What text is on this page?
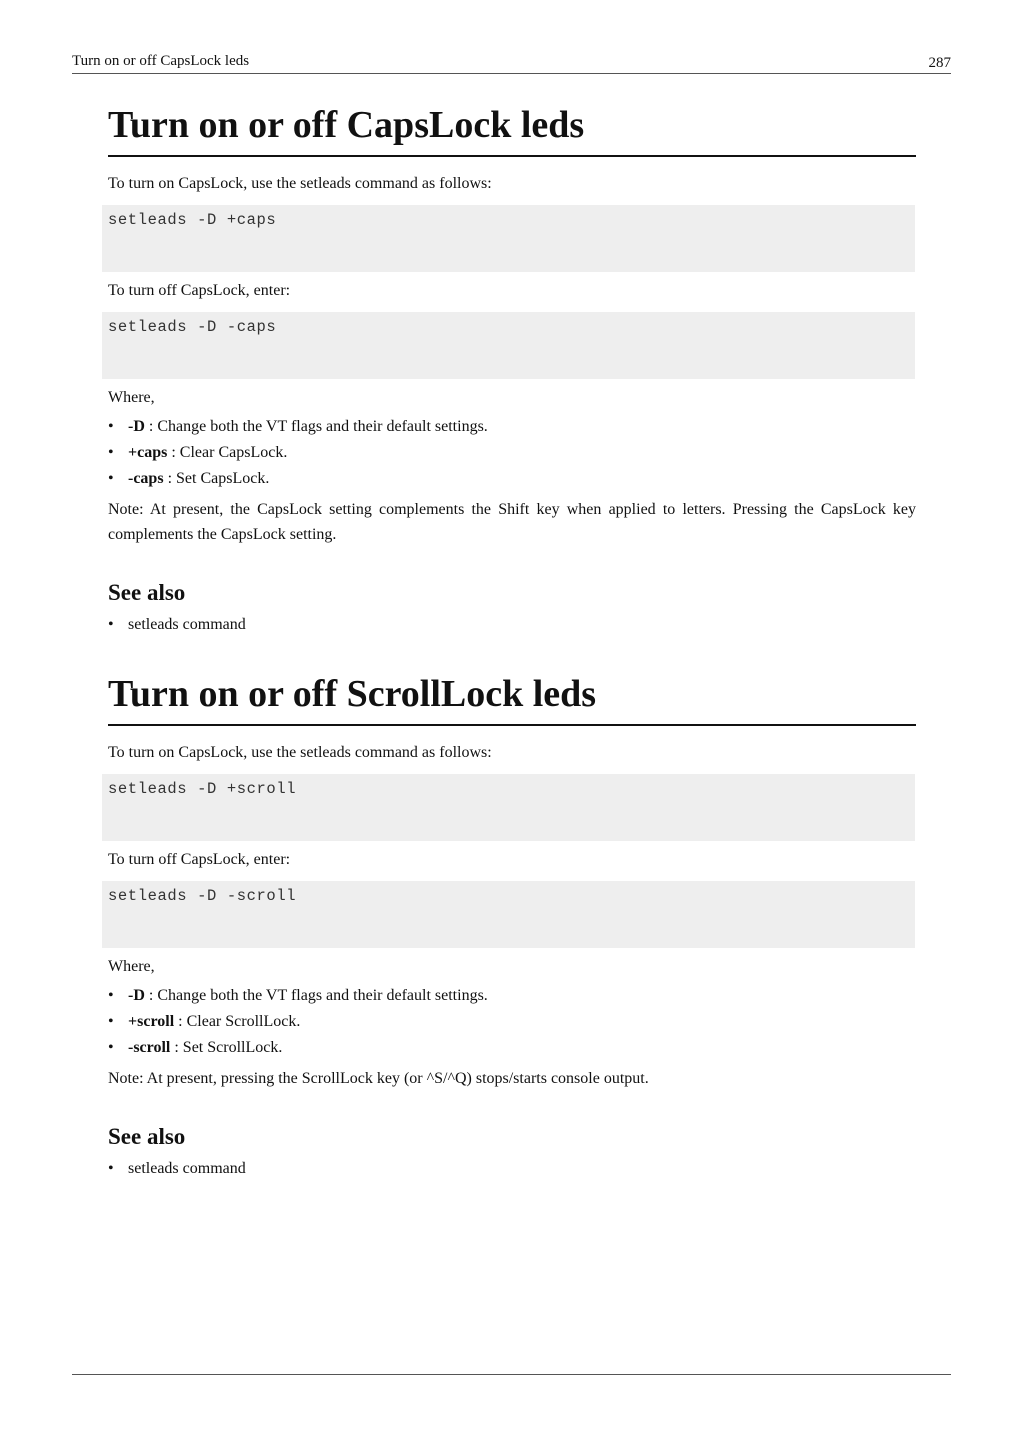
Turn on or off CapsLock leds	287
Turn on or off CapsLock leds

To turn on CapsLock, use the setleads command as follows:

setleads -D +caps

To turn off CapsLock, enter:

setleads -D -caps

Where,

• -D : Change both the VT flags and their default settings.
• +caps : Clear CapsLock.
• -caps : Set CapsLock.

Note: At present, the CapsLock setting complements the Shift key when applied to letters. Pressing the CapsLock key complements the CapsLock setting.

See also
• setleads command
Turn on or off ScrollLock leds

To turn on CapsLock, use the setleads command as follows:

setleads -D +scroll

To turn off CapsLock, enter:

setleads -D -scroll

Where,

• -D : Change both the VT flags and their default settings.
• +scroll : Clear ScrollLock.
• -scroll : Set ScrollLock.

Note: At present, pressing the ScrollLock key (or ^S/^Q) stops/starts console output.

See also
• setleads command
